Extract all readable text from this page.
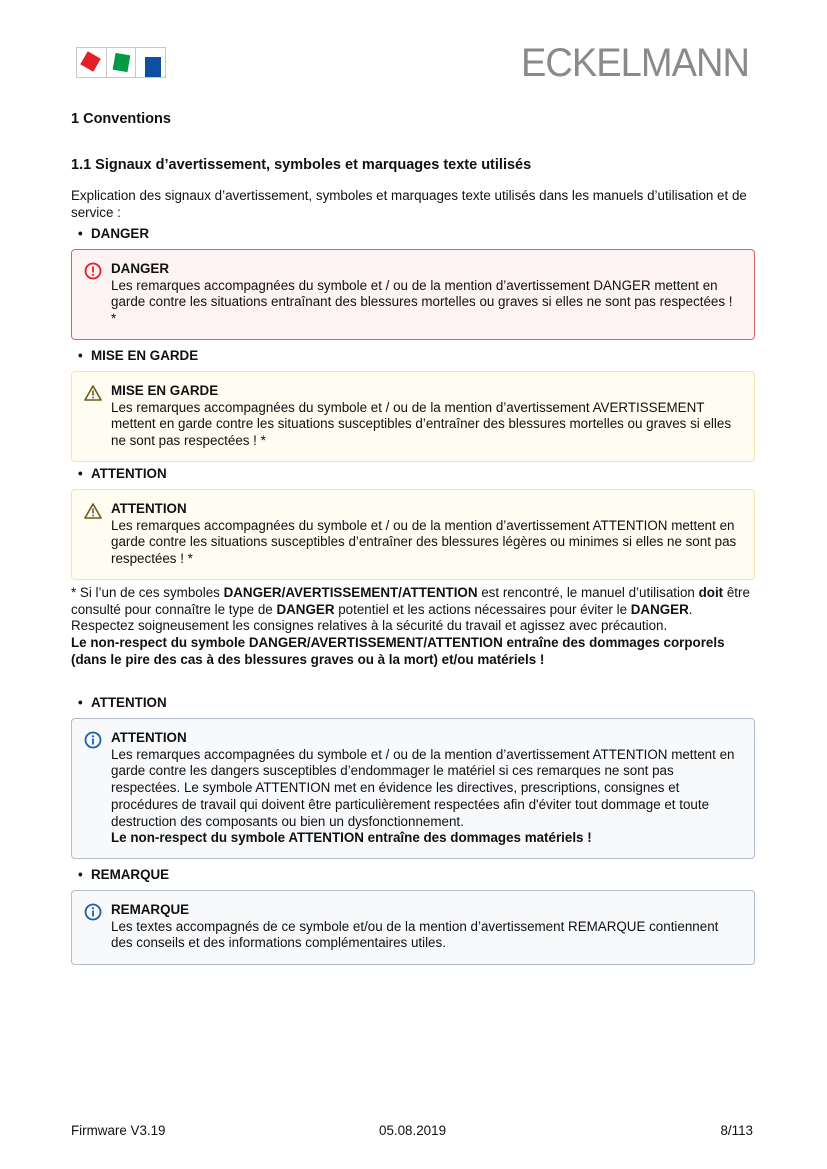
ECKELMANN
1 Conventions
1.1 Signaux d’avertissement, symboles et marquages texte utilisés
Explication des signaux d’avertissement, symboles et marquages texte utilisés dans les manuels d’utilisation et de service :
• DANGER
DANGER
Les remarques accompagnées du symbole et / ou de la mention d’avertissement DANGER mettent en garde contre les situations entraînant des blessures mortelles ou graves si elles ne sont pas respectées ! *
• MISE EN GARDE
MISE EN GARDE
Les remarques accompagnées du symbole et / ou de la mention d’avertissement AVERTISSEMENT mettent en garde contre les situations susceptibles d’entraîner des blessures mortelles ou graves si elles ne sont pas respectées ! *
• ATTENTION
ATTENTION
Les remarques accompagnées du symbole et / ou de la mention d’avertissement ATTENTION mettent en garde contre les situations susceptibles d’entraîner des blessures légères ou minimes si elles ne sont pas respectées ! *
* Si l’un de ces symboles DANGER/AVERTISSEMENT/ATTENTION est rencontré, le manuel d’utilisation doit être consulté pour connaître le type de DANGER potentiel et les actions nécessaires pour éviter le DANGER.
Respectez soigneusement les consignes relatives à la sécurité du travail et agissez avec précaution.
Le non-respect du symbole DANGER/AVERTISSEMENT/ATTENTION entraîne des dommages corporels (dans le pire des cas à des blessures graves ou à la mort) et/ou matériels !
• ATTENTION
ATTENTION
Les remarques accompagnées du symbole et / ou de la mention d’avertissement ATTENTION mettent en garde contre les dangers susceptibles d’endommager le matériel si ces remarques ne sont pas respectées. Le symbole ATTENTION met en évidence les directives, prescriptions, consignes et procédures de travail qui doivent être particulièrement respectées afin d'éviter tout dommage et toute destruction des composants ou bien un dysfonctionnement.
Le non-respect du symbole ATTENTION entraîne des dommages matériels !
• REMARQUE
REMARQUE
Les textes accompagnés de ce symbole et/ou de la mention d’avertissement REMARQUE contiennent des conseils et des informations complémentaires utiles.
Firmware V3.19	05.08.2019	8/113
